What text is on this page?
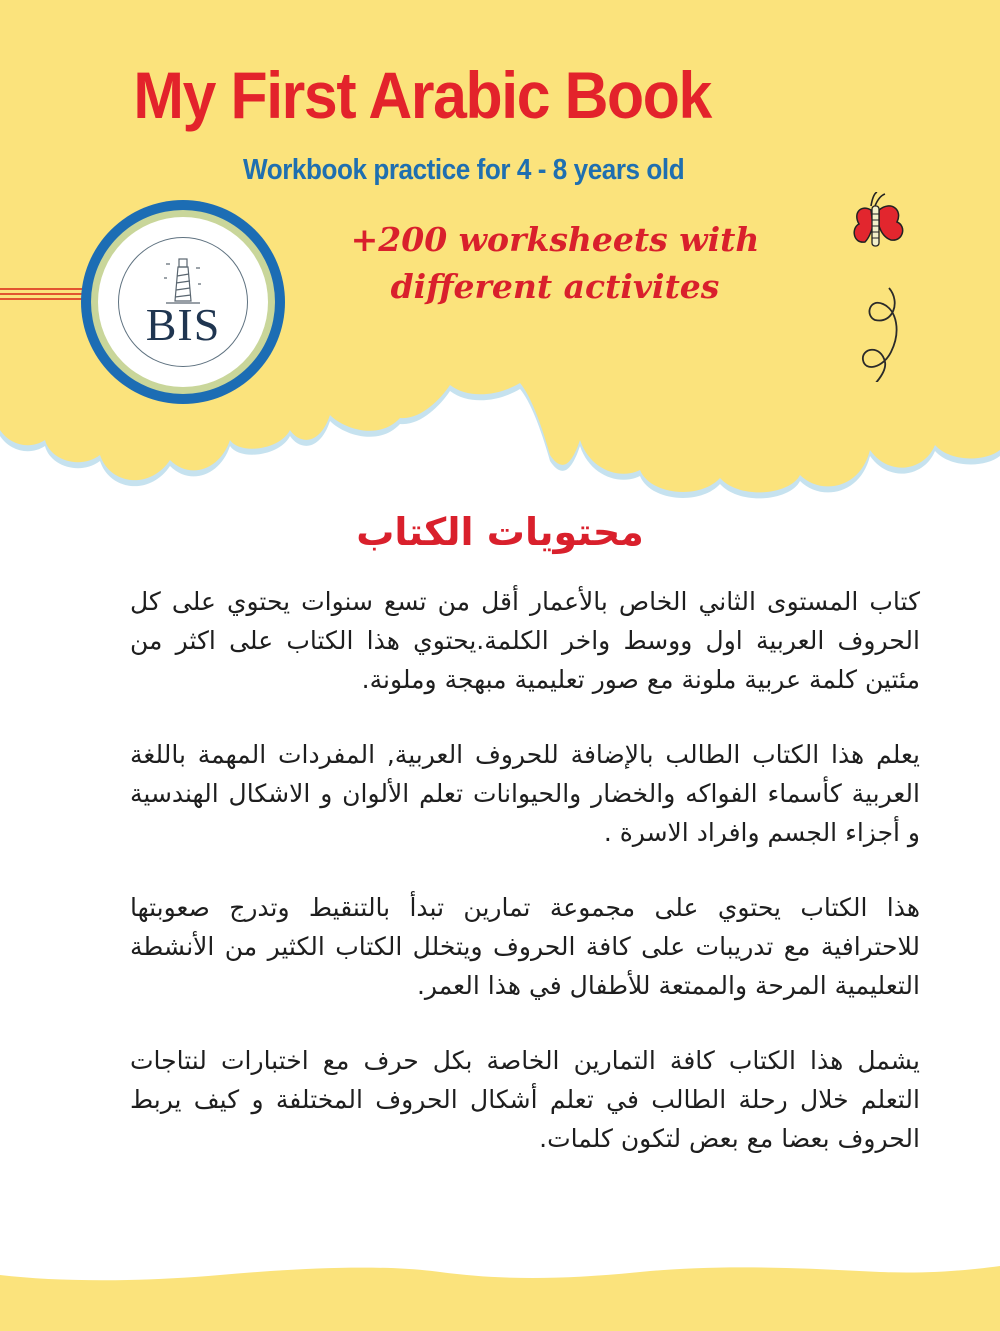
My First Arabic Book
Workbook practice for 4 - 8 years old
+200 worksheets with
different activites
BIS
محتويات الكتاب

كتاب المستوى الثاني الخاص بالأعمار أقل من تسع سنوات يحتوي على كل الحروف العربية اول ووسط واخر الكلمة.يحتوي هذا الكتاب على اكثر من مئتين كلمة عربية ملونة مع صور تعليمية مبهجة وملونة.

يعلم هذا الكتاب الطالب بالإضافة للحروف العربية, المفردات المهمة باللغة العربية كأسماء الفواكه والخضار والحيوانات تعلم الألوان و الاشكال الهندسية و أجزاء الجسم وافراد الاسرة .

هذا الكتاب يحتوي على مجموعة تمارين تبدأ بالتنقيط وتدرج صعوبتها للاحترافية مع تدريبات على كافة الحروف ويتخلل الكتاب الكثير من الأنشطة التعليمية المرحة والممتعة للأطفال في هذا العمر.

يشمل هذا الكتاب كافة التمارين الخاصة بكل حرف مع اختبارات لنتاجات التعلم خلال رحلة الطالب في تعلم أشكال الحروف المختلفة و كيف يربط الحروف بعضا مع بعض لتكون كلمات.
